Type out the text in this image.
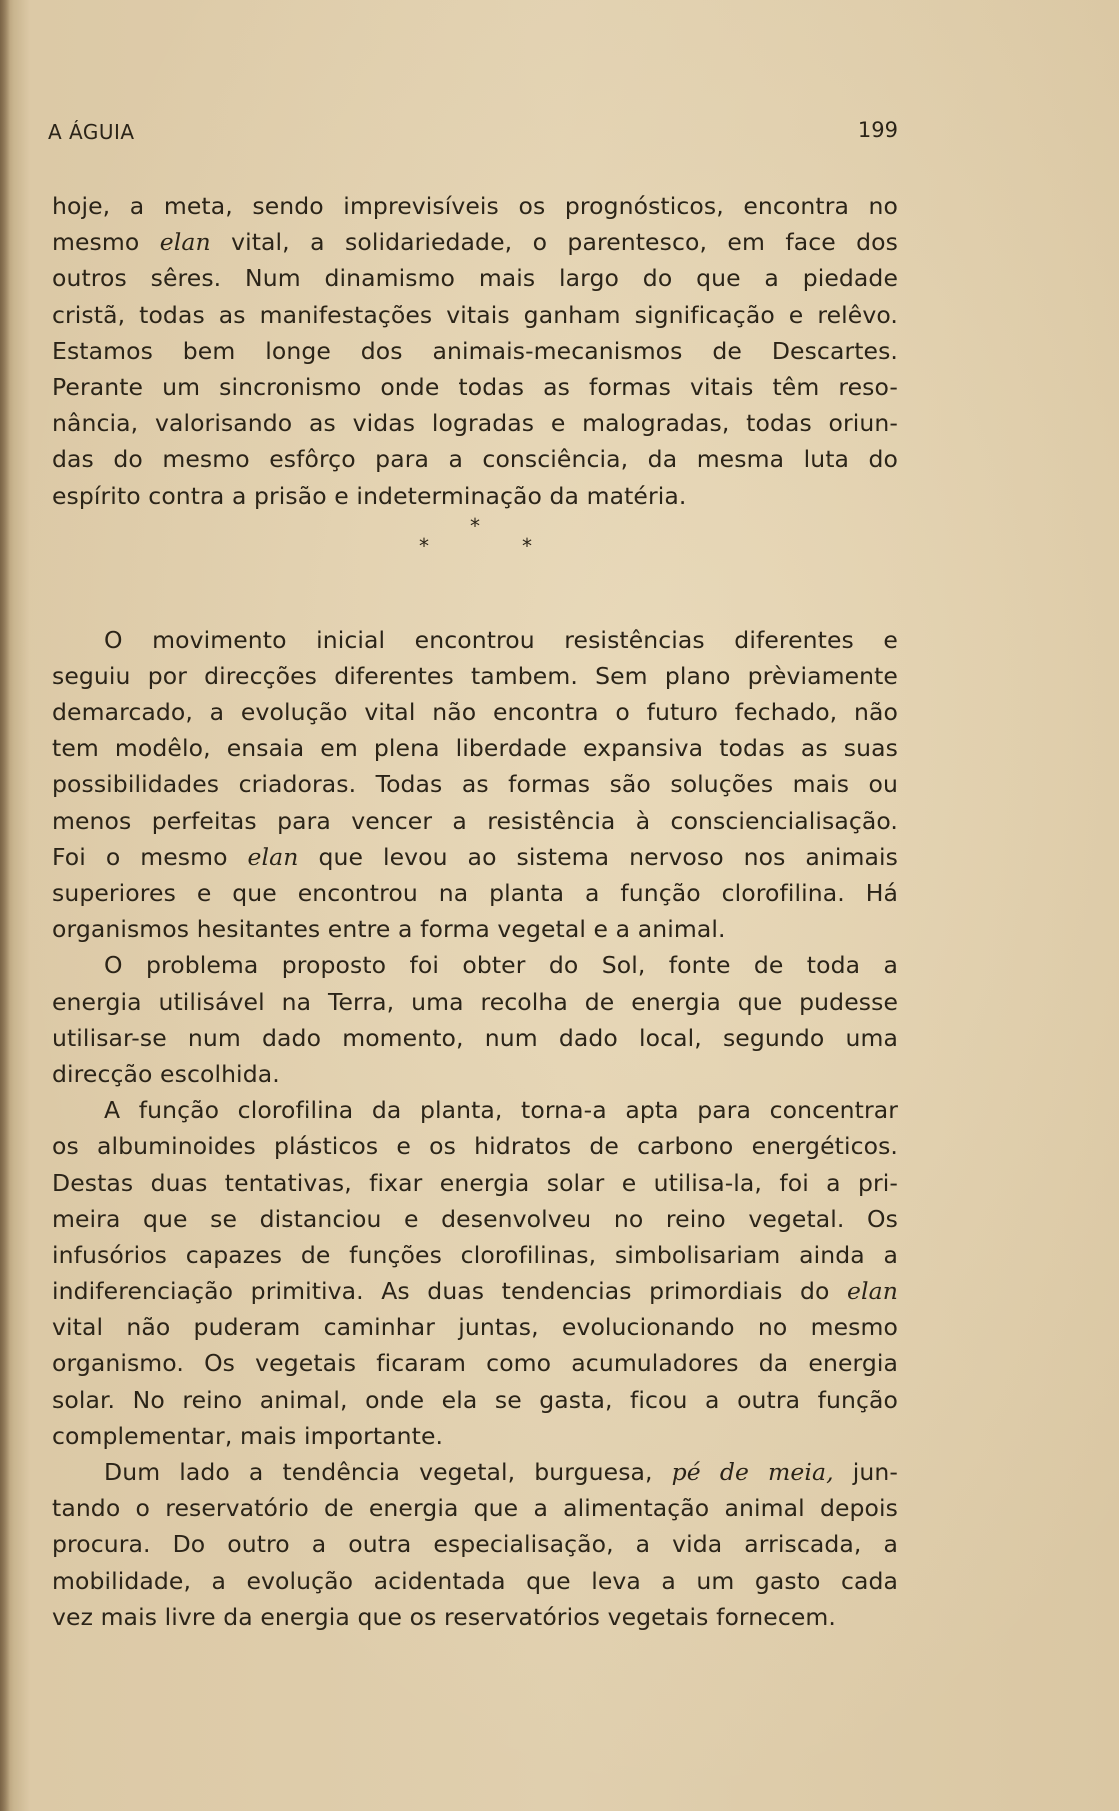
A ÁGUIA	199
hoje, a meta, sendo imprevisíveis os prognósticos, encontra no
mesmo elan vital, a solidariedade, o parentesco, em face dos
outros sêres. Num dinamismo mais largo do que a piedade
cristã, todas as manifestações vitais ganham significação e relêvo.
Estamos bem longe dos animais-mecanismos de Descartes.
Perante um sincronismo onde todas as formas vitais têm reso-
nância, valorisando as vidas logradas e malogradas, todas oriun-
das do mesmo esfôrço para a consciência, da mesma luta do
espírito contra a prisão e indeterminação da matéria.
*
*	*
O movimento inicial encontrou resistências diferentes e
seguiu por direcções diferentes tambem. Sem plano prèviamente
demarcado, a evolução vital não encontra o futuro fechado, não
tem modêlo, ensaia em plena liberdade expansiva todas as suas
possibilidades criadoras. Todas as formas são soluções mais ou
menos perfeitas para vencer a resistência à consciencialisação.
Foi o mesmo elan que levou ao sistema nervoso nos animais
superiores e que encontrou na planta a função clorofilina. Há
organismos hesitantes entre a forma vegetal e a animal.
O problema proposto foi obter do Sol, fonte de toda a
energia utilisável na Terra, uma recolha de energia que pudesse
utilisar-se num dado momento, num dado local, segundo uma
direcção escolhida.
A função clorofilina da planta, torna-a apta para concentrar
os albuminoides plásticos e os hidratos de carbono energéticos.
Destas duas tentativas, fixar energia solar e utilisa-la, foi a pri-
meira que se distanciou e desenvolveu no reino vegetal. Os
infusórios capazes de funções clorofilinas, simbolisariam ainda a
indiferenciação primitiva. As duas tendencias primordiais do elan
vital não puderam caminhar juntas, evolucionando no mesmo
organismo. Os vegetais ficaram como acumuladores da energia
solar. No reino animal, onde ela se gasta, ficou a outra função
complementar, mais importante.
Dum lado a tendência vegetal, burguesa, pé de meia, jun-
tando o reservatório de energia que a alimentação animal depois
procura. Do outro a outra especialisação, a vida arriscada, a
mobilidade, a evolução acidentada que leva a um gasto cada
vez mais livre da energia que os reservatórios vegetais fornecem.
